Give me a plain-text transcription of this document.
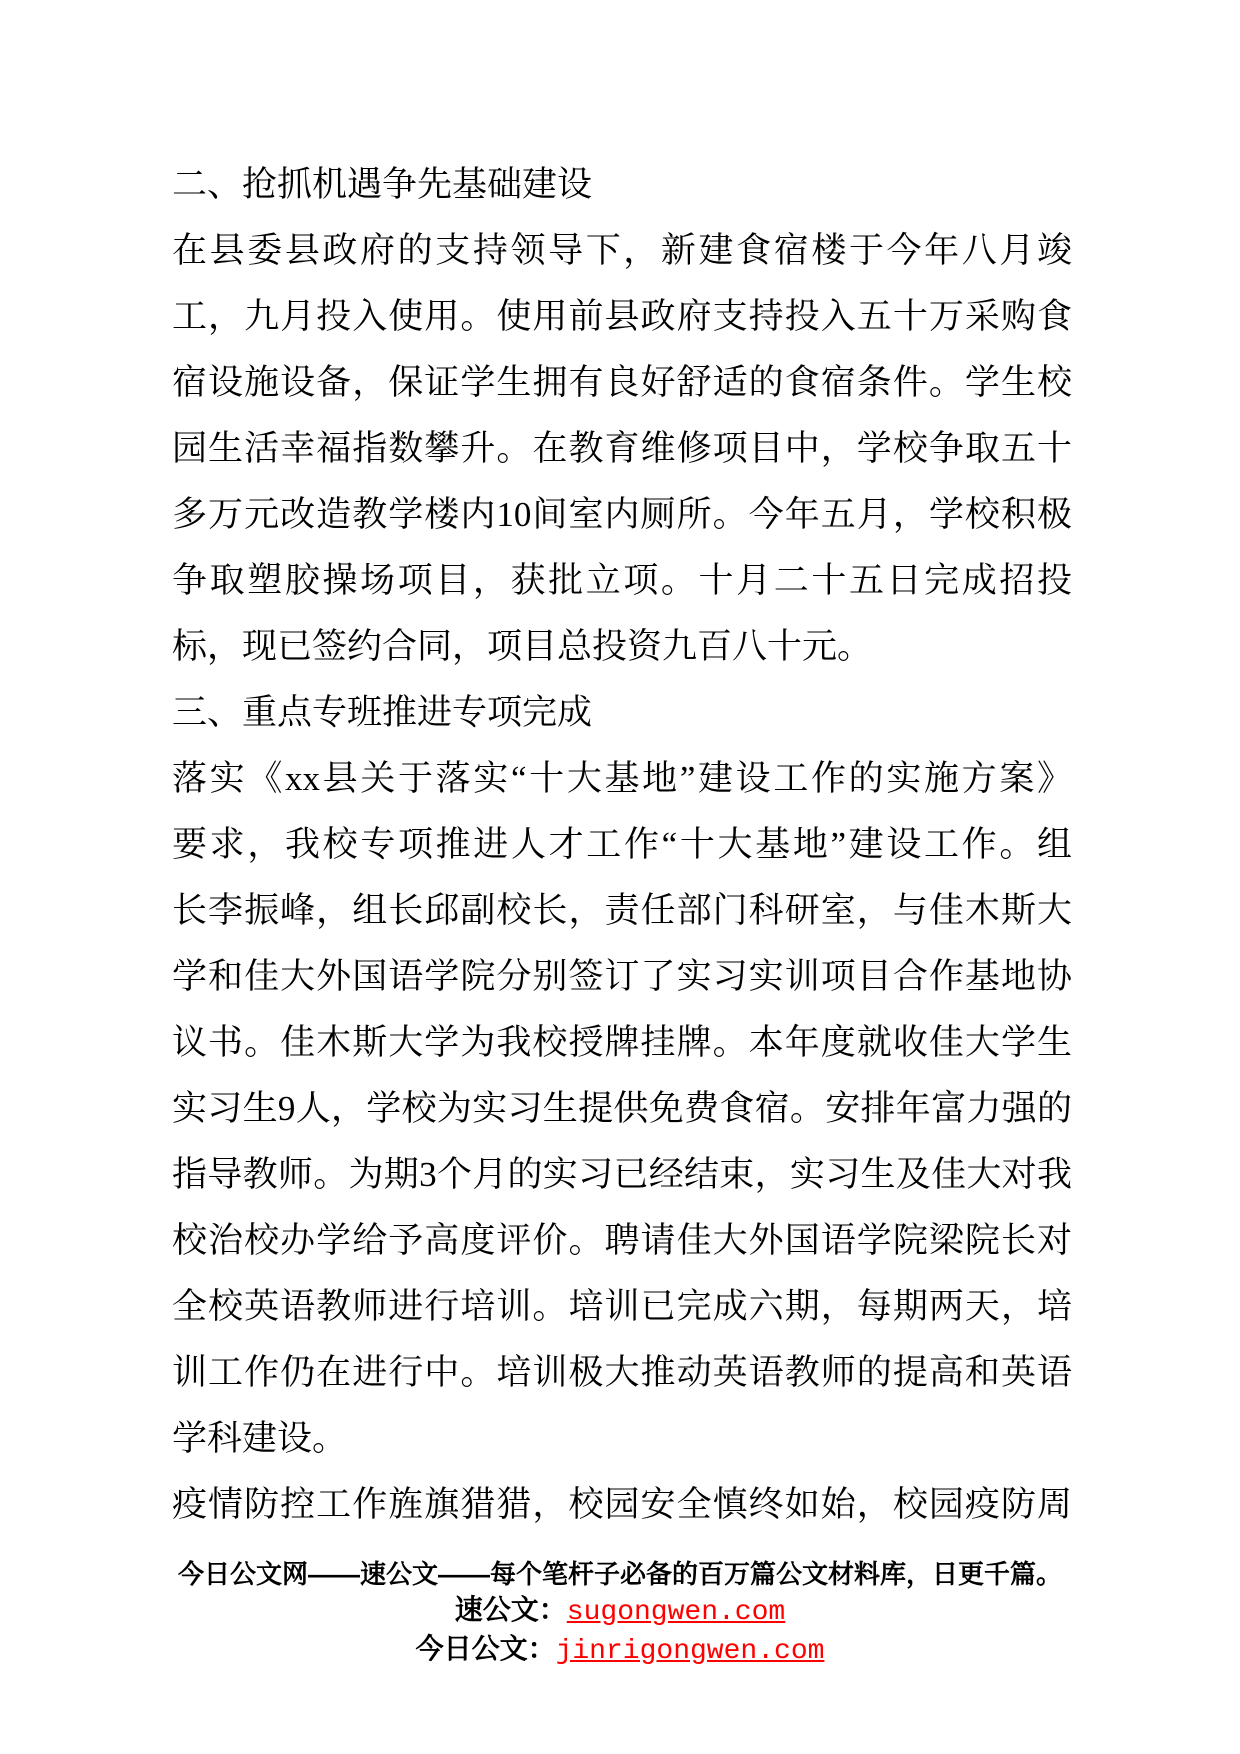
二、抢抓机遇争先基础建设
在县委县政府的支持领导下，新建食宿楼于今年八月竣
工，九月投入使用。使用前县政府支持投入五十万采购食
宿设施设备，保证学生拥有良好舒适的食宿条件。学生校
园生活幸福指数攀升。在教育维修项目中，学校争取五十
多万元改造教学楼内10间室内厕所。今年五月，学校积极
争取塑胶操场项目，获批立项。十月二十五日完成招投
标，现已签约合同，项目总投资九百八十元。
三、重点专班推进专项完成
落实《xx县关于落实“十大基地”建设工作的实施方案》
要求，我校专项推进人才工作“十大基地”建设工作。组
长李振峰，组长邱副校长，责任部门科研室，与佳木斯大
学和佳大外国语学院分别签订了实习实训项目合作基地协
议书。佳木斯大学为我校授牌挂牌。本年度就收佳大学生
实习生9人，学校为实习生提供免费食宿。安排年富力强的
指导教师。为期3个月的实习已经结束，实习生及佳大对我
校治校办学给予高度评价。聘请佳大外国语学院梁院长对
全校英语教师进行培训。培训已完成六期，每期两天，培
训工作仍在进行中。培训极大推动英语教师的提高和英语
学科建设。
疫情防控工作旌旗猎猎，校园安全慎终如始，校园疫防周
今日公文网——速公文——每个笔杆子必备的百万篇公文材料库，日更千篇。
速公文：sugongwen.com
今日公文：jinrigongwen.com
